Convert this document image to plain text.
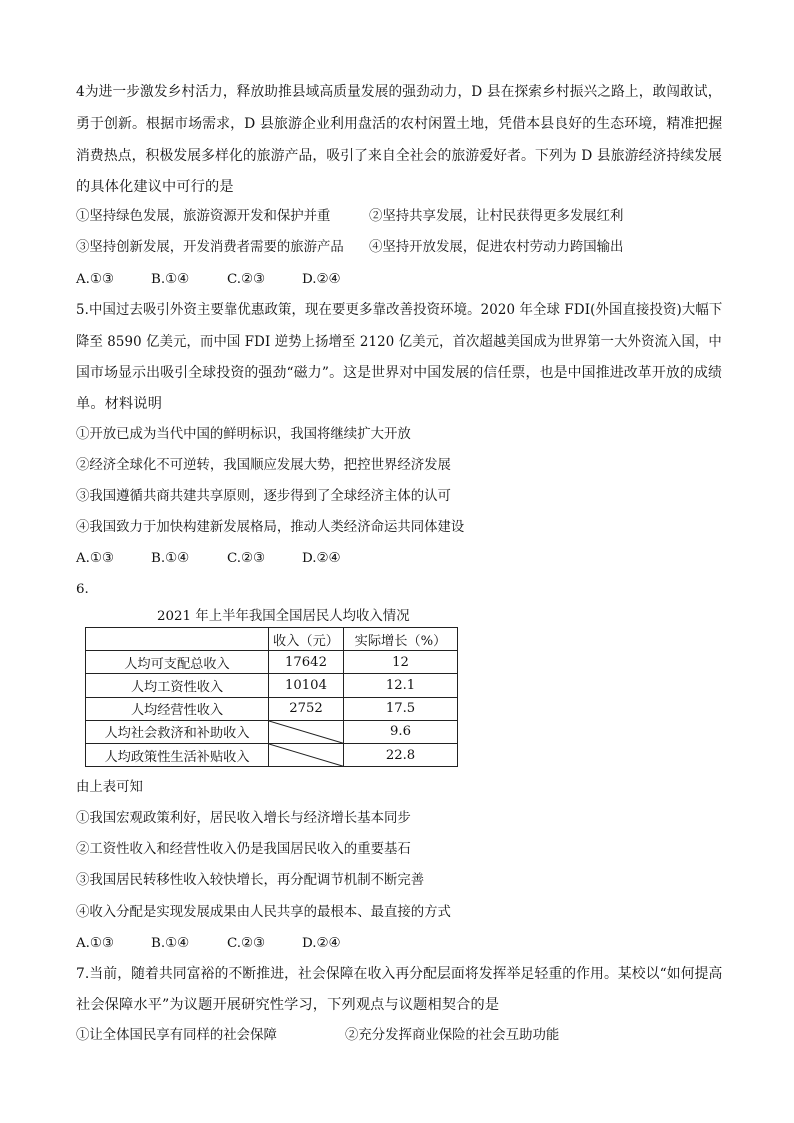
4为进一步激发乡村活力，释放助推县域高质量发展的强劲动力，D 县在探索乡村振兴之路上，敢闯敢试，
勇于创新。根据市场需求，D 县旅游企业利用盘活的农村闲置土地，凭借本县良好的生态环境，精准把握
消费热点，积极发展多样化的旅游产品，吸引了来自全社会的旅游爱好者。下列为 D 县旅游经济持续发展
的具体化建议中可行的是
①坚持绿色发展，旅游资源开发和保护并重	②坚持共享发展，让村民获得更多发展红利
③坚持创新发展，开发消费者需要的旅游产品 ④坚持开放发展，促进农村劳动力跨国输出
A.①③	B.①④	C.②③	D.②④
5.中国过去吸引外资主要靠优惠政策，现在要更多靠改善投资环境。2020 年全球 FDI(外国直接投资)大幅下
降至 8590 亿美元，而中国 FDI 逆势上扬增至 2120 亿美元，首次超越美国成为世界第一大外资流入国，中
国市场显示出吸引全球投资的强劲“磁力”。这是世界对中国发展的信任票，也是中国推进改革开放的成绩
单。材料说明
①开放已成为当代中国的鲜明标识，我国将继续扩大开放
②经济全球化不可逆转，我国顺应发展大势，把控世界经济发展
③我国遵循共商共建共享原则，逐步得到了全球经济主体的认可
④我国致力于加快构建新发展格局，推动人类经济命运共同体建设
A.①③	B.①④	C.②③	D.②④
6.
2021 年上半年我国全国居民人均收入情况
	收入（元）	实际增长（%）
人均可支配总收入	17642	12
人均工资性收入	10104	12.1
人均经营性收入	2752	17.5
人均社会救济和补助收入		9.6
人均政策性生活补贴收入		22.8
由上表可知
①我国宏观政策利好，居民收入增长与经济增长基本同步
②工资性收入和经营性收入仍是我国居民收入的重要基石
③我国居民转移性收入较快增长，再分配调节机制不断完善
④收入分配是实现发展成果由人民共享的最根本、最直接的方式
A.①③	B.①④	C.②③	D.②④
7.当前，随着共同富裕的不断推进，社会保障在收入再分配层面将发挥举足轻重的作用。某校以“如何提高
社会保障水平”为议题开展研究性学习，下列观点与议题相契合的是
①让全体国民享有同样的社会保障	②充分发挥商业保险的社会互助功能
